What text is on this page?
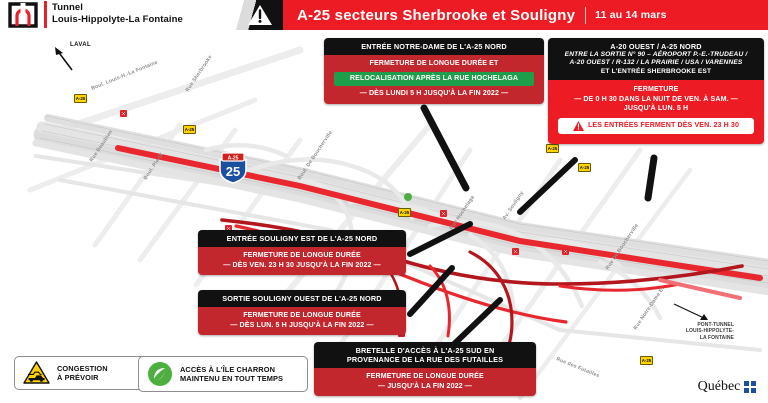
Tunnel
Louis-Hippolyte-La Fontaine	A-25 secteurs Sherbrooke et Souligny 11 au 14 mars
Boul. Louis-H.-La Fontaine
Rue Beaubien
Boul. Pie-IX
Rue Sherbrooke
Boul. De Boucherville
Rue Hochelaga	Av. Souligny
Rue De Boucherville
Rue des Futailles
Rue Notre-Dame E.
LAVAL
A-25
25
A-25
A-25
A-25
A-25
A-25
A-25
PONT-TUNNEL
LOUIS-HIPPOLYTE-
LA FONTAINE
ENTRÉE NOTRE-DAME DE L'A-25 NORD
FERMETURE DE LONGUE DURÉE ET
RELOCALISATION APRÈS LA RUE HOCHELAGA
— DÈS LUNDI 5 H JUSQU'À LA FIN 2022 —
A-20 OUEST / A-25 NORD
ENTRE LA SORTIE N° 90 – AÉROPORT P.-E.-TRUDEAU /
A-20 OUEST / R-132 / LA PRAIRIE / USA / VARENNES
ET L'ENTRÉE SHERBROOKE EST
FERMETURE
— DE 0 H 30 DANS LA NUIT DE VEN. À SAM. —
JUSQU'À LUN. 5 H
LES ENTRÉES FERMENT DÈS VEN. 23 H 30
ENTRÉE SOULIGNY EST DE L'A-25 NORD
FERMETURE DE LONGUE DURÉE
— DÈS VEN. 23 H 30 JUSQU'À LA FIN 2022 —
SORTIE SOULIGNY OUEST DE L'A-25 NORD
FERMETURE DE LONGUE DURÉE
— DÈS LUN. 5 H JUSQU'À LA FIN 2022 —
BRETELLE D'ACCÈS À L'A-25 SUD EN
PROVENANCE DE LA RUE DES FUTAILLES
FERMETURE DE LONGUE DURÉE
— JUSQU'À LA FIN 2022 —
CONGESTION
À PRÉVOIR
ACCÈS À L'ÎLE CHARRON
MAINTENU EN TOUT TEMPS
Québec
